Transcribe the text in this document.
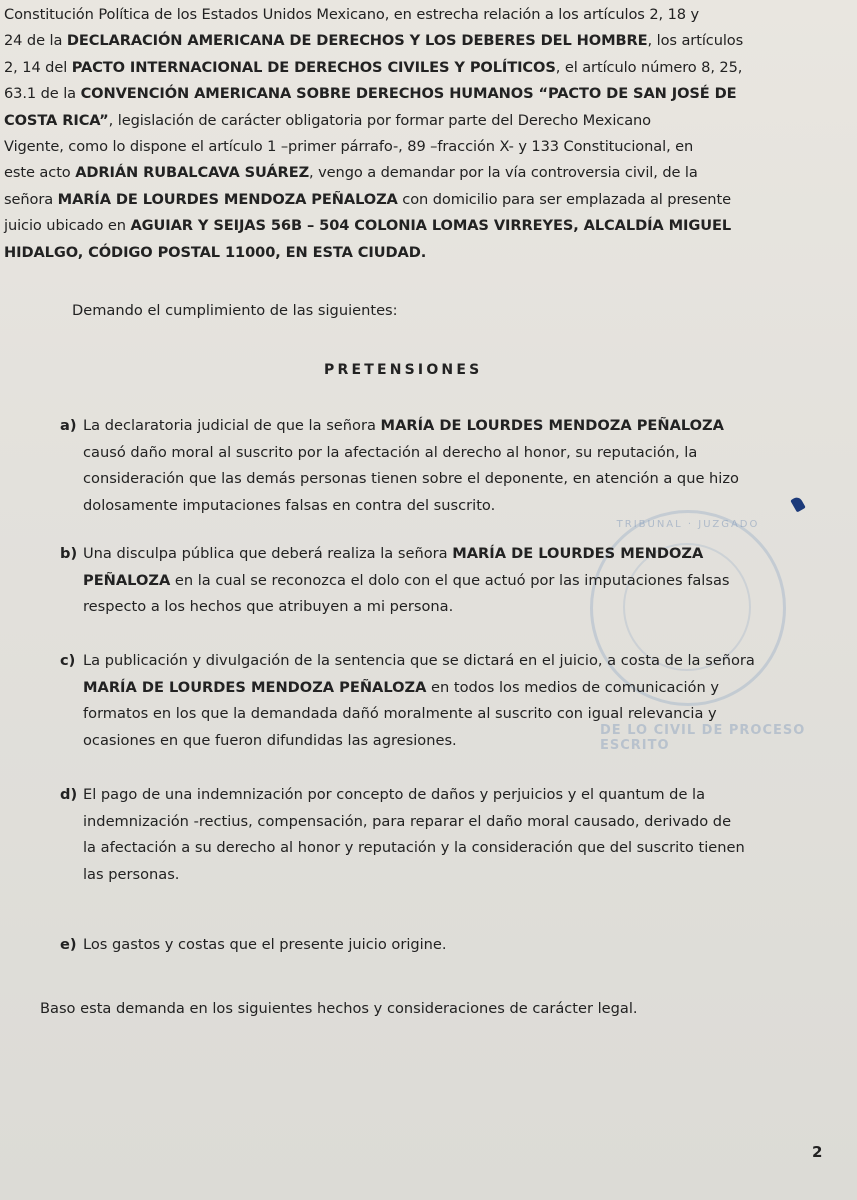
TRIBUNAL · JUZGADO
DE LO CIVIL DE PROCESO ESCRITO
Constitución Política de los Estados Unidos Mexicano, en estrecha relación a los artículos 2, 18 y
24 de la DECLARACIÓN AMERICANA DE DERECHOS Y LOS DEBERES DEL HOMBRE, los artículos
2, 14 del PACTO INTERNACIONAL DE DERECHOS CIVILES Y POLÍTICOS, el artículo número 8, 25,
63.1 de la CONVENCIÓN AMERICANA SOBRE DERECHOS HUMANOS “PACTO DE SAN JOSÉ DE
COSTA RICA”, legislación de carácter obligatoria por formar parte del Derecho Mexicano
Vigente, como lo dispone el artículo 1 –primer párrafo-, 89 –fracción X- y 133 Constitucional, en
este acto ADRIÁN RUBALCAVA SUÁREZ, vengo a demandar por la vía controversia civil, de la
señora MARÍA DE LOURDES MENDOZA PEÑALOZA con domicilio para ser emplazada al presente
juicio ubicado en AGUIAR Y SEIJAS 56B – 504 COLONIA LOMAS VIRREYES, ALCALDÍA MIGUEL
HIDALGO, CÓDIGO POSTAL 11000, EN ESTA CIUDAD.

Demando el cumplimiento de las siguientes:

PRETENSIONES

a) La declaratoria judicial de que la señora MARÍA DE LOURDES MENDOZA PEÑALOZA
causó daño moral al suscrito por la afectación al derecho al honor, su reputación, la
consideración que las demás personas tienen sobre el deponente, en atención a que hizo
dolosamente imputaciones falsas en contra del suscrito.
b) Una disculpa pública que deberá realiza la señora MARÍA DE LOURDES MENDOZA
PEÑALOZA en la cual se reconozca el dolo con el que actuó por las imputaciones falsas
respecto a los hechos que atribuyen a mi persona.
c) La publicación y divulgación de la sentencia que se dictará en el juicio, a costa de la señora
MARÍA DE LOURDES MENDOZA PEÑALOZA en todos los medios de comunicación y
formatos en los que la demandada dañó moralmente al suscrito con igual relevancia y
ocasiones en que fueron difundidas las agresiones.
d) El pago de una indemnización por concepto de daños y perjuicios y el quantum de la
indemnización -rectius, compensación, para reparar el daño moral causado, derivado de
la afectación a su derecho al honor y reputación y la consideración que del suscrito tienen
las personas.
e) Los gastos y costas que el presente juicio origine.

Baso esta demanda en los siguientes hechos y consideraciones de carácter legal.

2
